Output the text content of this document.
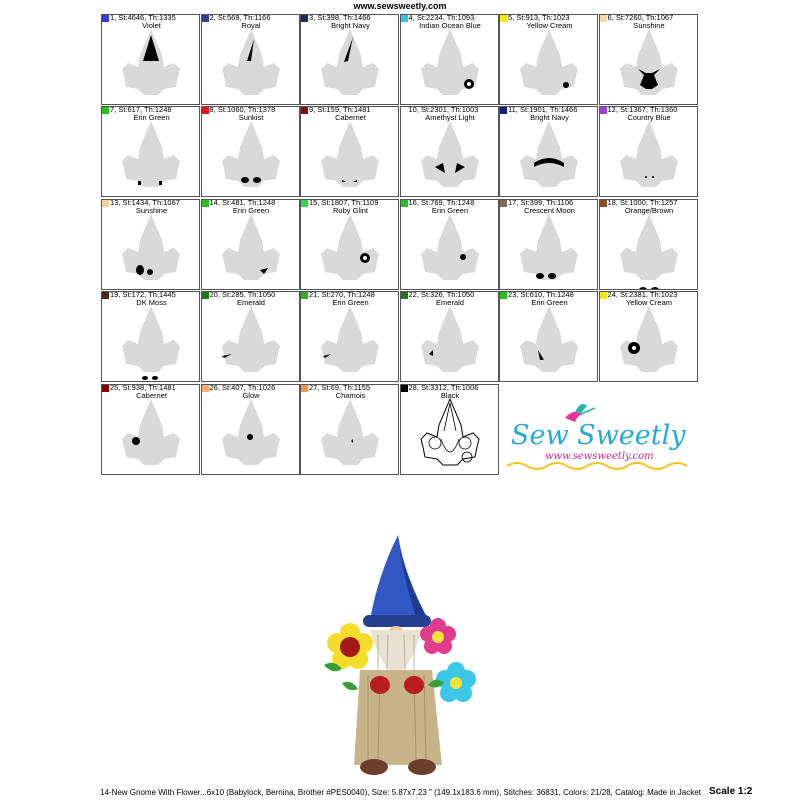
www.sewsweetly.com
1, St:4646, Th:1335
Violet
2, St:569, Th:1166
Royal
3, St:398, Th:1466
Bright Navy
4, St:2234, Th:1093
Indian Ocean Blue
5, St:913, Th:1023
Yellow Cream
6, St:7260, Th:1067
Sunshine
7, St:617, Th:1248
Erin Green
8, St:1060, Th:1378
Sunkist
9, St:159, Th:1481
Cabernet
10, St:2301, Th:1003
Amethyst Light
11, St:1901, Th:1466
Bright Navy
12, St:1367, Th:1360
Country Blue
13, St:1434, Th:1067
Sunshine
14, St:481, Th:1248
Erin Green
15, St:1807, Th:1109
Ruby Glint
16, St:769, Th:1248
Erin Green
17, St:399, Th:1106
Crescent Moon
18, St:1000, Th:1257
Orange/Brown
19, St:172, Th:1445
DK Moss
20, St:285, Th:1050
Emerald
21, St:270, Th:1248
Erin Green
22, St:326, Th:1050
Emerald
23, St:610, Th:1248
Erin Green
24, St:2381, Th:1023
Yellow Cream
25, St:938, Th:1481
Cabernet
26, St:407, Th:1026
Glow
27, St:69, Th:1155
Chamois
28, St:3312, Th:1006
Black
Sew Sweetly
www.sewsweetly.com
14-New Gnome With Flower...6x10 (Babylock, Bernina, Brother #PES0040), Size: 5.87x7.23 " (149.1x183.6 mm), Stitches: 36831, Colors: 21/28, Catalog: Made in Jacket Scale 1:2
